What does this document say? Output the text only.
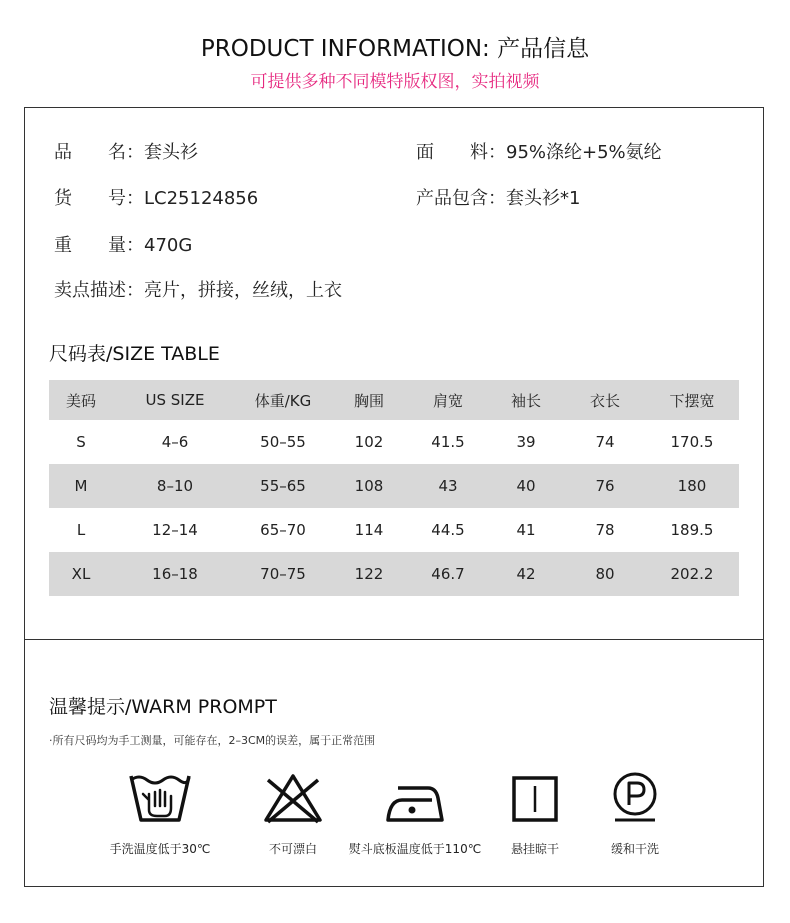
PRODUCT INFORMATION: 产品信息
可提供多种不同模特版权图，实拍视频
品　　名：套头衫	面　　料：95%涤纶+5%氨纶
货　　号：LC25124856	产品包含：套头衫*1
重　　量：470G
卖点描述：亮片，拼接，丝绒，上衣
尺码表/SIZE TABLE
美码	US SIZE	体重/KG	胸围	肩宽	袖长	衣长	下摆宽
S	4–6	50–55	102	41.5	39	74	170.5
M	8–10	55–65	108	43	40	76	180
L	12–14	65–70	114	44.5	41	78	189.5
XL	16–18	70–75	122	46.7	42	80	202.2
温馨提示/WARM PROMPT
·所有尺码均为手工测量，可能存在，2–3CM的误差，属于正常范围
手洗温度低于30℃	不可漂白	熨斗底板温度低于110℃	悬挂晾干	缓和干洗
